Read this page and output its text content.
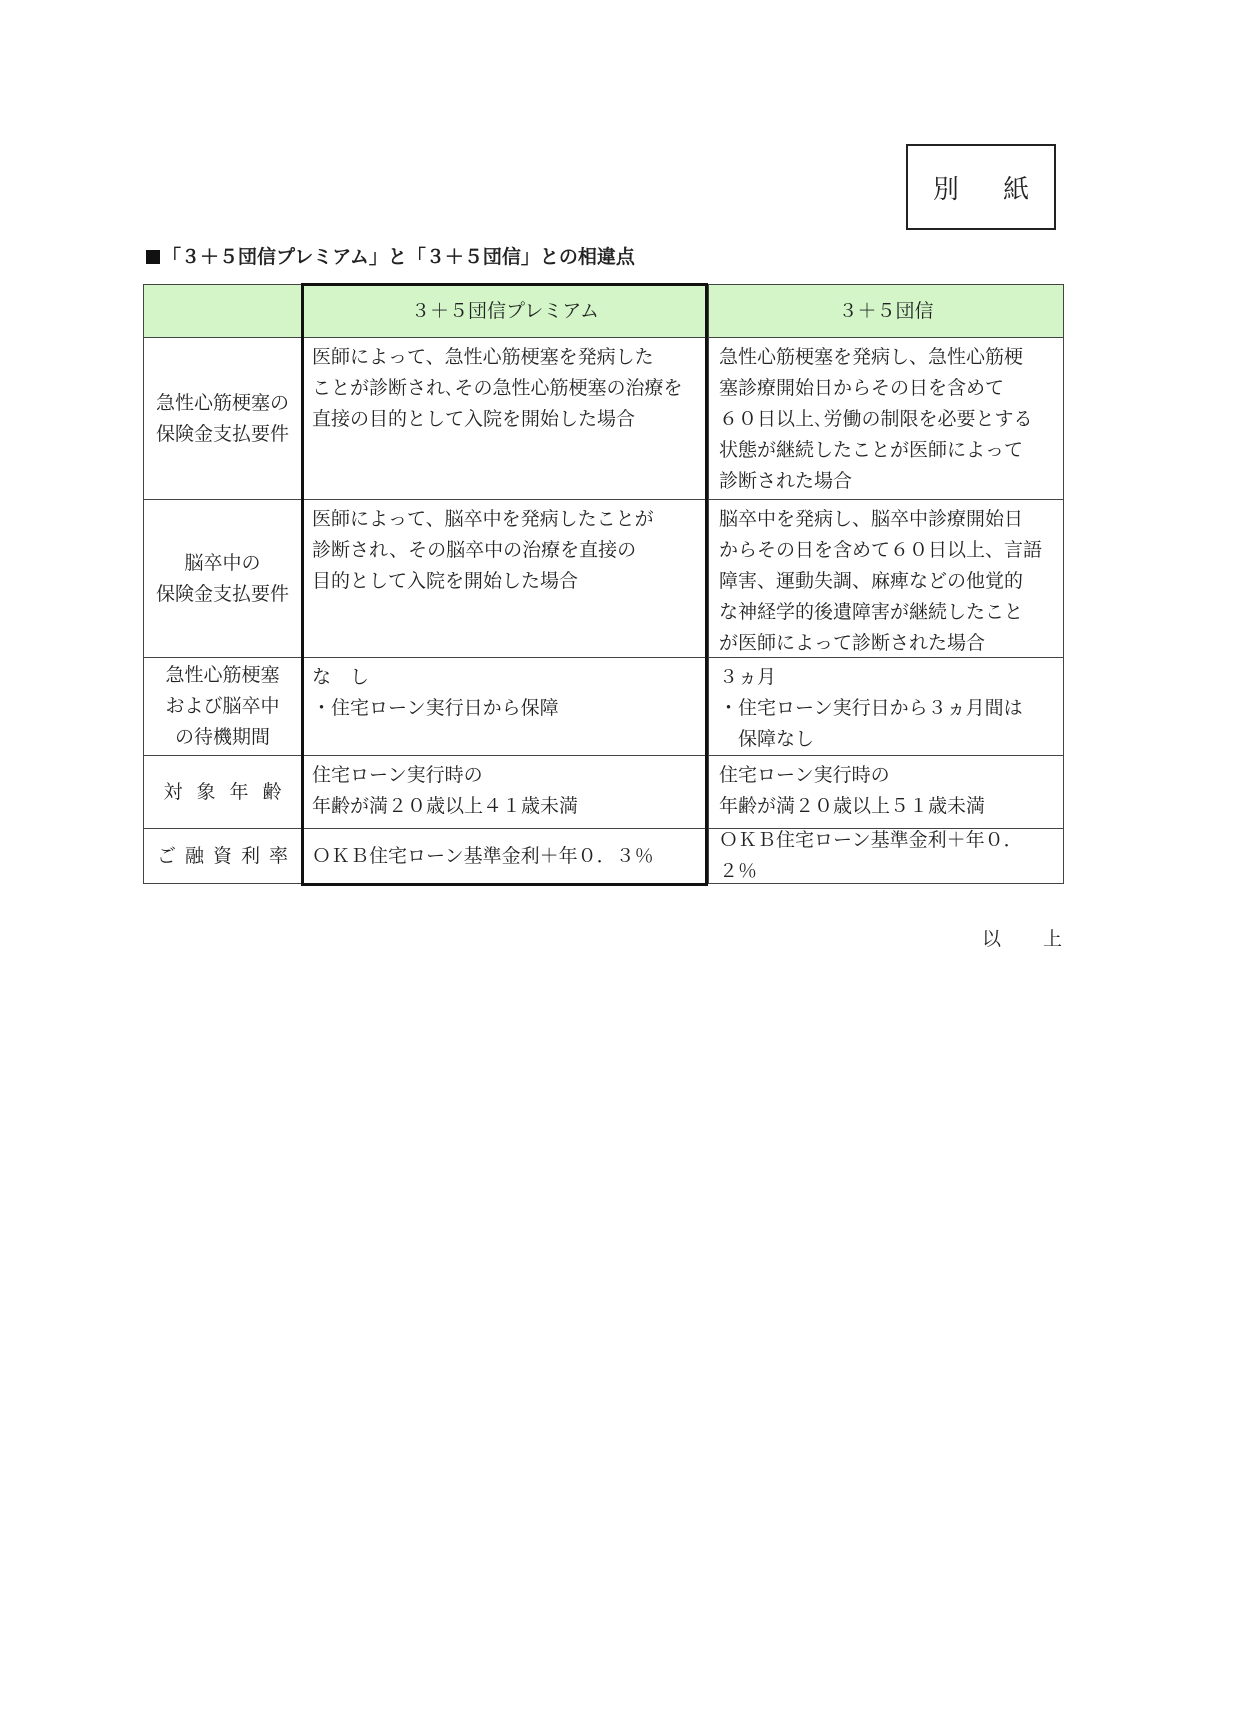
別 紙
「３＋５団信プレミアム」と「３＋５団信」との相違点
３＋５団信プレミアム	３＋５団信
急性心筋梗塞の
保険金支払要件
医師によって、急性心筋梗塞を発病した
ことが診断され､その急性心筋梗塞の治療を
直接の目的として入院を開始した場合
急性心筋梗塞を発病し、急性心筋梗
塞診療開始日からその日を含めて
６０日以上､労働の制限を必要とする
状態が継続したことが医師によって
診断された場合
脳卒中の
保険金支払要件
医師によって、脳卒中を発病したことが
診断され、その脳卒中の治療を直接の
目的として入院を開始した場合
脳卒中を発病し、脳卒中診療開始日
からその日を含めて６０日以上、言語
障害、運動失調、麻痺などの他覚的
な神経学的後遺障害が継続したこと
が医師によって診断された場合
急性心筋梗塞
および脳卒中
の待機期間
な　し
・住宅ローン実行日から保障
３ヵ月
・住宅ローン実行日から３ヵ月間は
　保障なし
対象年齢
住宅ローン実行時の
年齢が満２０歳以上４１歳未満
住宅ローン実行時の
年齢が満２０歳以上５１歳未満
ご融資利率 ＯＫＢ住宅ローン基準金利＋年０．３％
ＯＫＢ住宅ローン基準金利＋年０．２％
以 上
